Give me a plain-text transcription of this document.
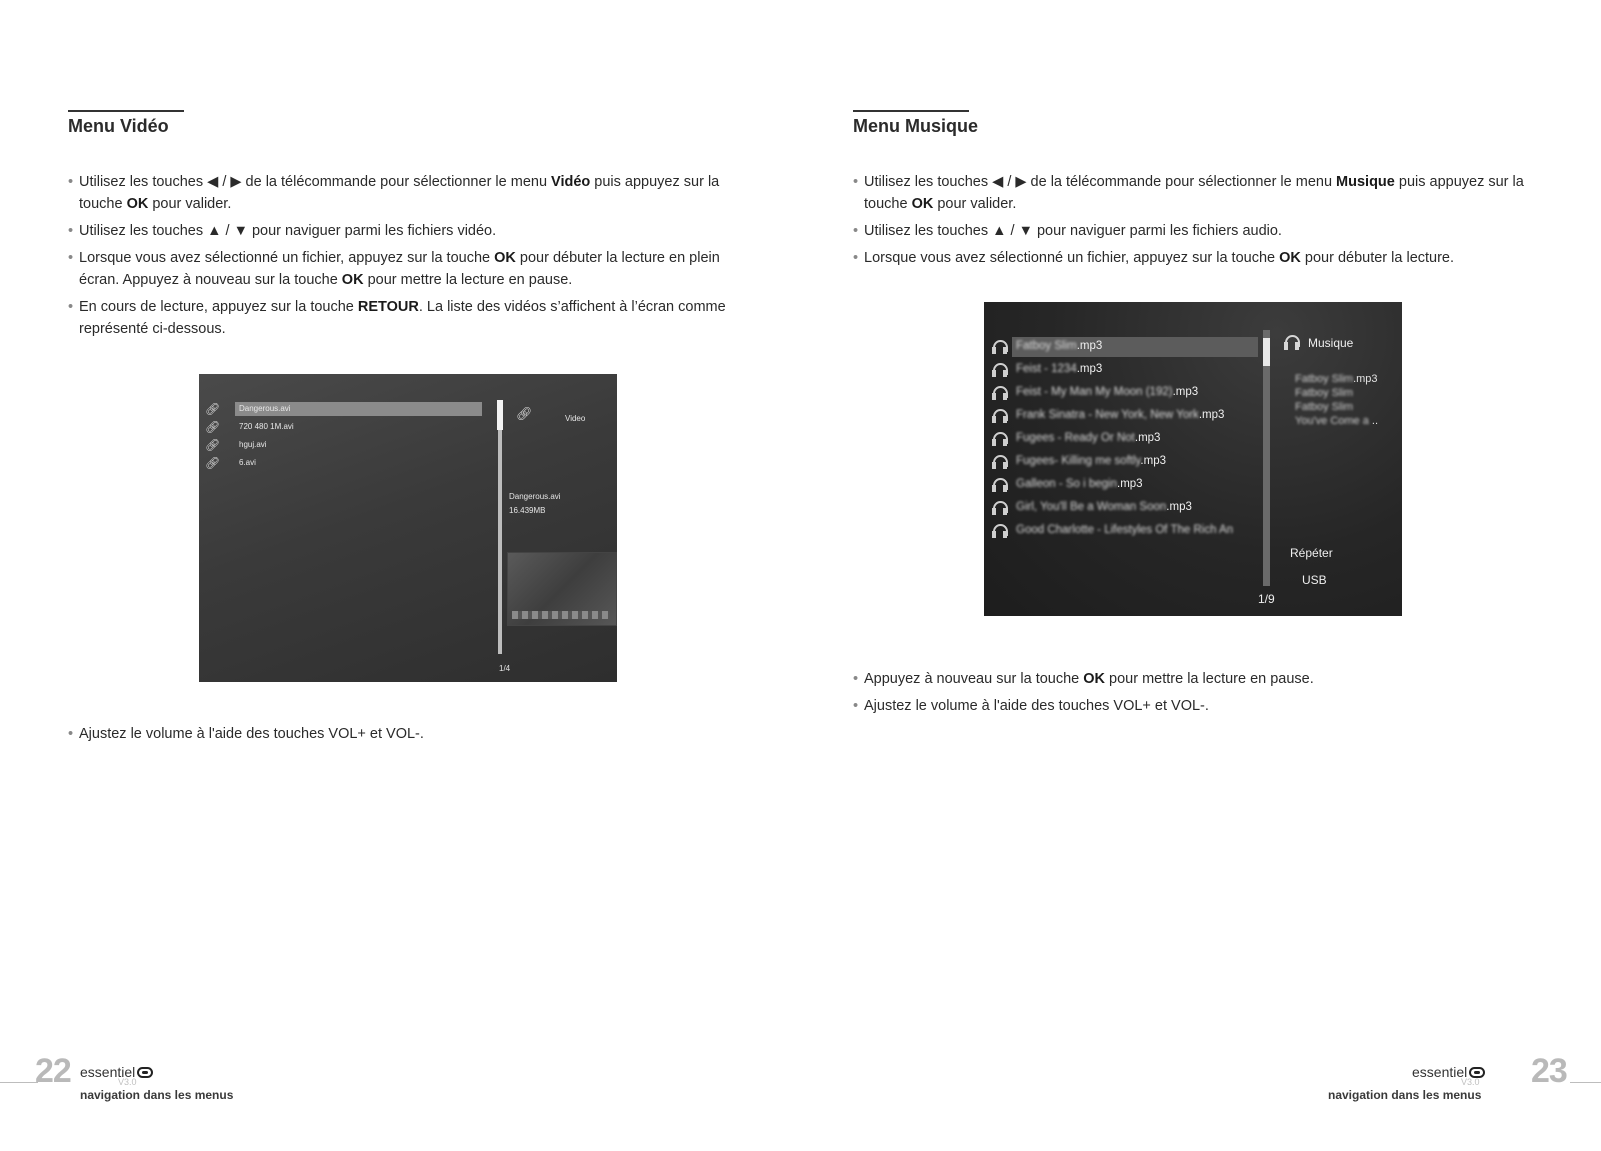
Menu Vidéo
• Utilisez les touches ◀ / ▶ de la télécommande pour sélectionner le menu Vidéo puis appuyez sur la touche OK pour valider.
• Utilisez les touches ▲ / ▼ pour naviguer parmi les fichiers vidéo.
• Lorsque vous avez sélectionné un fichier, appuyez sur la touche OK pour débuter la lecture en plein écran. Appuyez à nouveau sur la touche OK pour mettre la lecture en pause.
• En cours de lecture, appuyez sur la touche RETOUR. La liste des vidéos s’affichent à l’écran comme représenté ci-dessous.
🔗︎ Dangerous.avi
🔗︎ 720 480 1M.avi
🔗︎ hguj.avi
🔗︎ 6.avi
🔗︎	Video
Dangerous.avi
16.439MB
1/4
• Ajustez le volume à l'aide des touches VOL+ et VOL-.
22 essentiel
V3.0
navigation dans les menus
Menu Musique
• Utilisez les touches ◀ / ▶ de la télécommande pour sélectionner le menu Musique puis appuyez sur la touche OK pour valider.
• Utilisez les touches ▲ / ▼ pour naviguer parmi les fichiers audio.
• Lorsque vous avez sélectionné un fichier, appuyez sur la touche OK pour débuter la lecture.
Fatboy Slim.mp3
Feist - 1234.mp3
Feist - My Man My Moon (192).mp3
Frank Sinatra - New York, New York.mp3
Fugees - Ready Or Not.mp3
Fugees- Killing me softly.mp3
Galleon - So i begin.mp3
Girl, You'll Be a Woman Soon.mp3
Good Charlotte - Lifestyles Of The Rich An
Musique
Fatboy Slim.mp3
Fatboy Slim
Fatboy Slim
You've Come a ..
Répéter
USB
1/9
• Appuyez à nouveau sur la touche OK pour mettre la lecture en pause.
• Ajustez le volume à l'aide des touches VOL+ et VOL-.
essentiel
V3.0 23
navigation dans les menus
